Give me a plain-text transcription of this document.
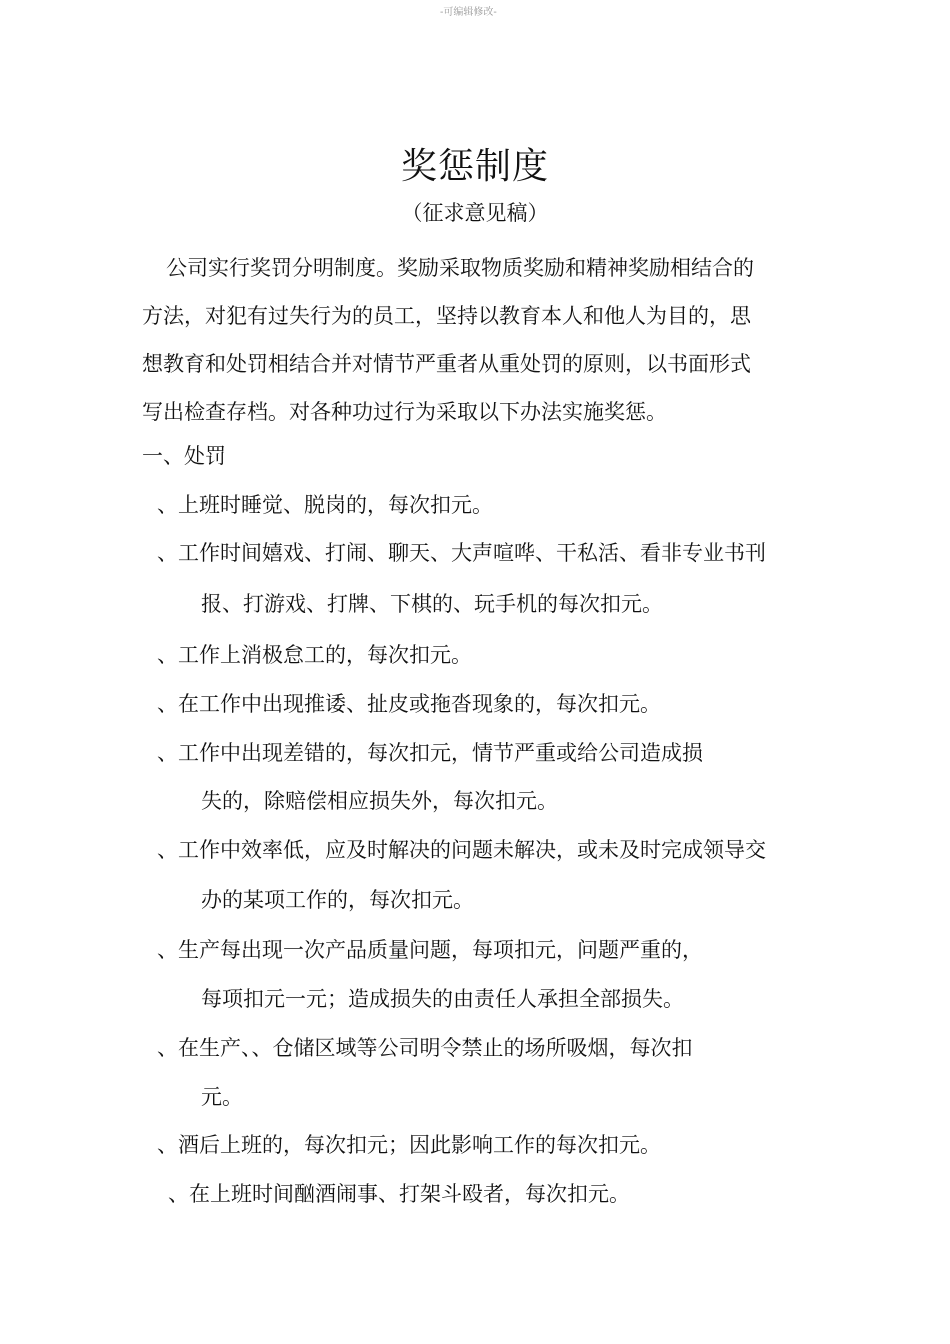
-可编辑修改-
奖惩制度
（征求意见稿）
公司实行奖罚分明制度。奖励采取物质奖励和精神奖励相结合的
方法，对犯有过失行为的员工，坚持以教育本人和他人为目的，思
想教育和处罚相结合并对情节严重者从重处罚的原则，以书面形式
写出检查存档。对各种功过行为采取以下办法实施奖惩。
一、处罚
、上班时睡觉、脱岗的，每次扣元。
、工作时间嬉戏、打闹、聊天、大声喧哗、干私活、看非专业书刊
报、打游戏、打牌、下棋的、玩手机的每次扣元。
、工作上消极怠工的，每次扣元。
、在工作中出现推诿、扯皮或拖沓现象的，每次扣元。
、工作中出现差错的，每次扣元，情节严重或给公司造成损
失的，除赔偿相应损失外，每次扣元。
、工作中效率低，应及时解决的问题未解决，或未及时完成领导交
办的某项工作的，每次扣元。
、生产每出现一次产品质量问题，每项扣元，问题严重的，
每项扣元一元；造成损失的由责任人承担全部损失。
、在生产、、仓储区域等公司明令禁止的场所吸烟，每次扣
元。
、酒后上班的，每次扣元；因此影响工作的每次扣元。
、在上班时间酗酒闹事、打架斗殴者，每次扣元。
